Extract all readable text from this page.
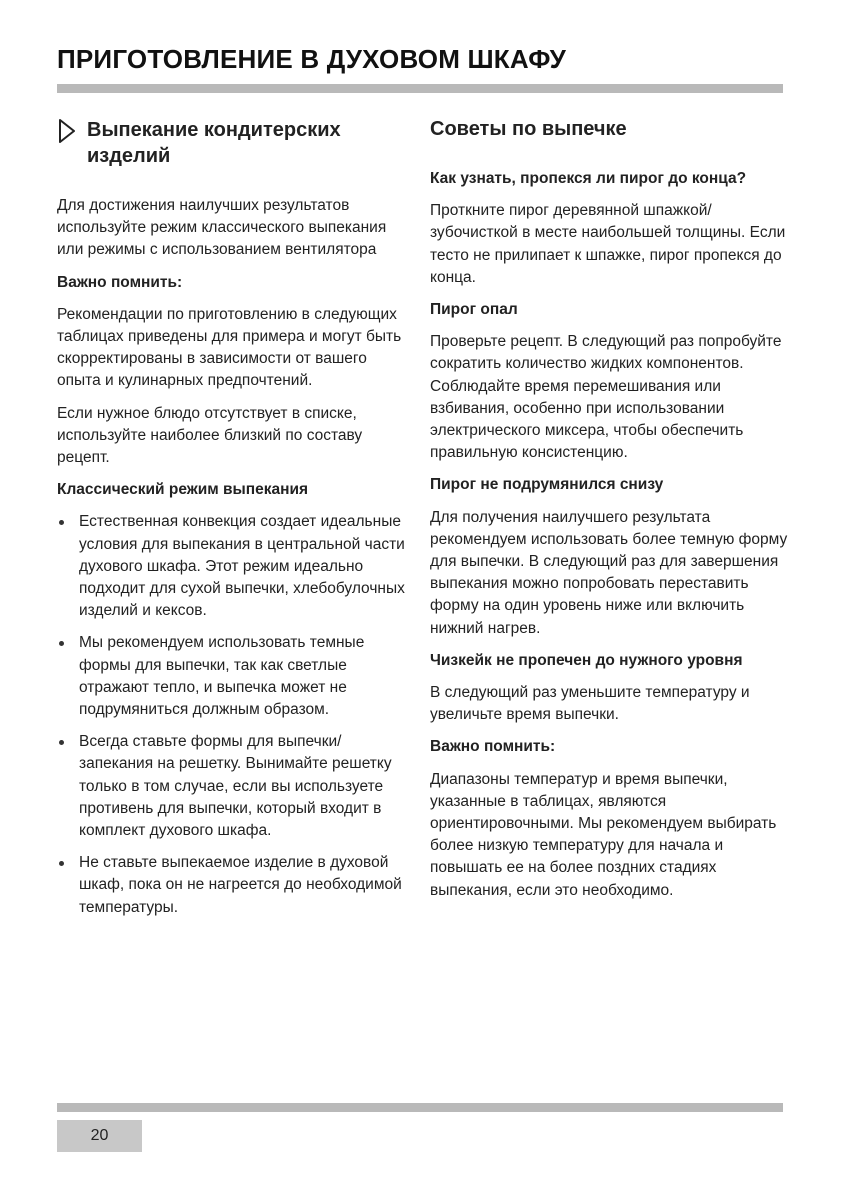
ПРИГОТОВЛЕНИЕ В ДУХОВОМ ШКАФУ
Выпекание кондитерских
изделий

Для достижения наилучших результатов используйте режим классического выпекания или режимы с использованием вентилятора

Важно помнить:

Рекомендации по приготовлению в следующих таблицах приведены для примера и могут быть скорректированы в зависимости от вашего опыта и кулинарных предпочтений.

Если нужное блюдо отсутствует в списке, используйте наиболее близкий по составу рецепт.

Классический режим выпекания
Естественная конвекция создает идеальные условия для выпекания в центральной части духового шкафа. Этот режим идеально подходит для сухой выпечки, хлебобулочных изделий и кексов.
Мы рекомендуем использовать темные формы для выпечки, так как светлые отражают тепло, и выпечка может не подрумяниться должным образом.
Всегда ставьте формы для выпечки/запекания на решетку. Вынимайте решетку только в том случае, если вы используете противень для выпечки, который входит в комплект духового шкафа.
Не ставьте выпекаемое изделие в духовой шкаф, пока он не нагреется до необходимой температуры.
Советы по выпечке
Как узнать, пропекся ли пирог до конца?

Проткните пирог деревянной шпажкой/зубочисткой в месте наибольшей толщины. Если тесто не прилипает к шпажке, пирог пропекся до конца.

Пирог опал

Проверьте рецепт. В следующий раз попробуйте сократить количество жидких компонентов. Соблюдайте время перемешивания или взбивания, особенно при использовании электрического миксера, чтобы обеспечить правильную консистенцию.

Пирог не подрумянился снизу

Для получения наилучшего результата рекомендуем использовать более темную форму для выпечки. В следующий раз для завершения выпекания можно попробовать переставить форму на один уровень ниже или включить нижний нагрев.

Чизкейк не пропечен до нужного уровня

В следующий раз уменьшите температуру и увеличьте время выпечки.

Важно помнить:

Диапазоны температур и время выпечки, указанные в таблицах, являются ориентировочными. Мы рекомендуем выбирать более низкую температуру для начала и повышать ее на более поздних стадиях выпекания, если это необходимо.

20
